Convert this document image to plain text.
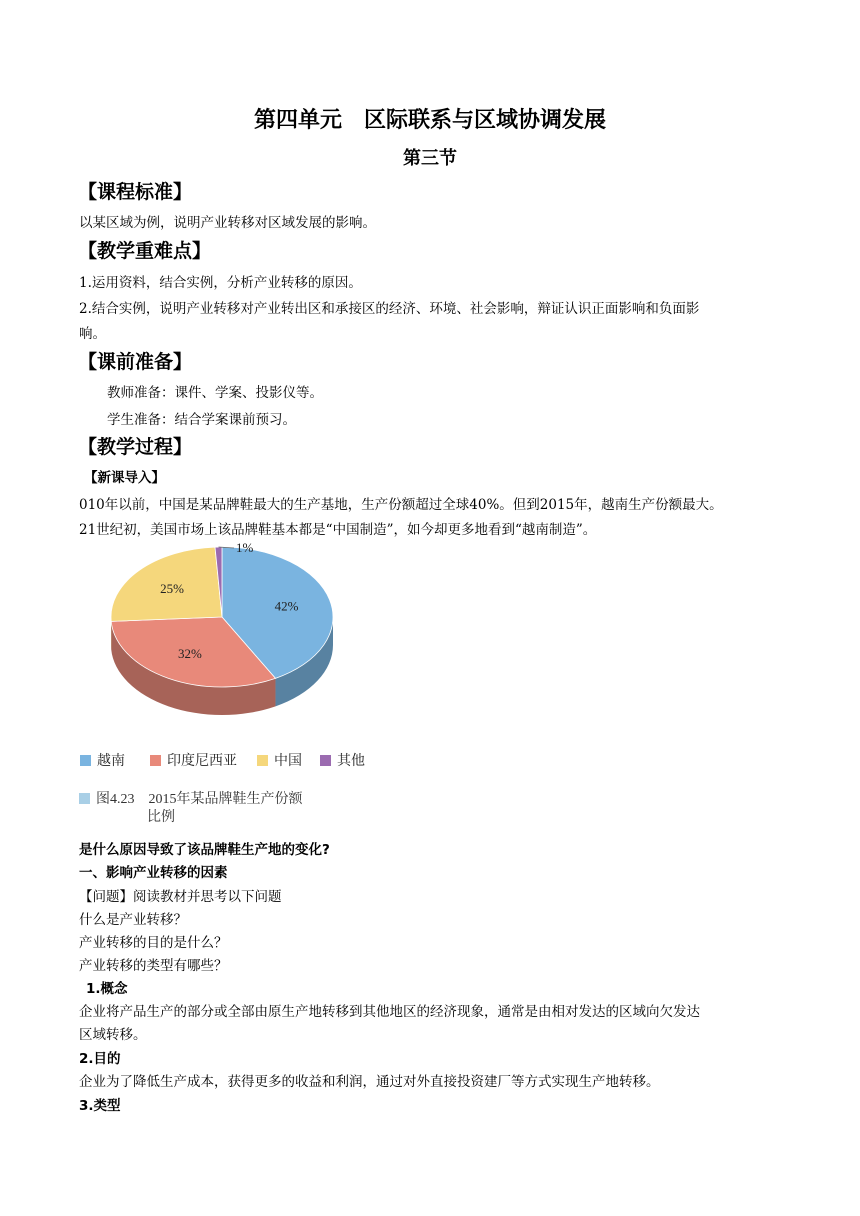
第四单元　区际联系与区域协调发展
第三节
【课程标准】
以某区域为例，说明产业转移对区域发展的影响。
【教学重难点】
1.运用资料，结合实例，分析产业转移的原因。
2.结合实例，说明产业转移对产业转出区和承接区的经济、环境、社会影响，辩证认识正面影响和负面影
响。
【课前准备】
教师准备：课件、学案、投影仪等。
学生准备：结合学案课前预习。
【教学过程】
【新课导入】
010年以前，中国是某品牌鞋最大的生产基地，生产份额超过全球40%。但到2015年，越南生产份额最大。
21世纪初，美国市场上该品牌鞋基本都是“中国制造”，如今却更多地看到“越南制造”。
42%
32%
25%
1%
越南	印度尼西亚	中国	其他
图4.23　2015年某品牌鞋生产份额
比例
是什么原因导致了该品牌鞋生产地的变化?
一、影响产业转移的因素
【问题】阅读教材并思考以下问题
什么是产业转移？
产业转移的目的是什么？
产业转移的类型有哪些？
1.概念
企业将产品生产的部分或全部由原生产地转移到其他地区的经济现象，通常是由相对发达的区域向欠发达
区域转移。
2.目的
企业为了降低生产成本，获得更多的收益和利润，通过对外直接投资建厂等方式实现生产地转移。
3.类型
